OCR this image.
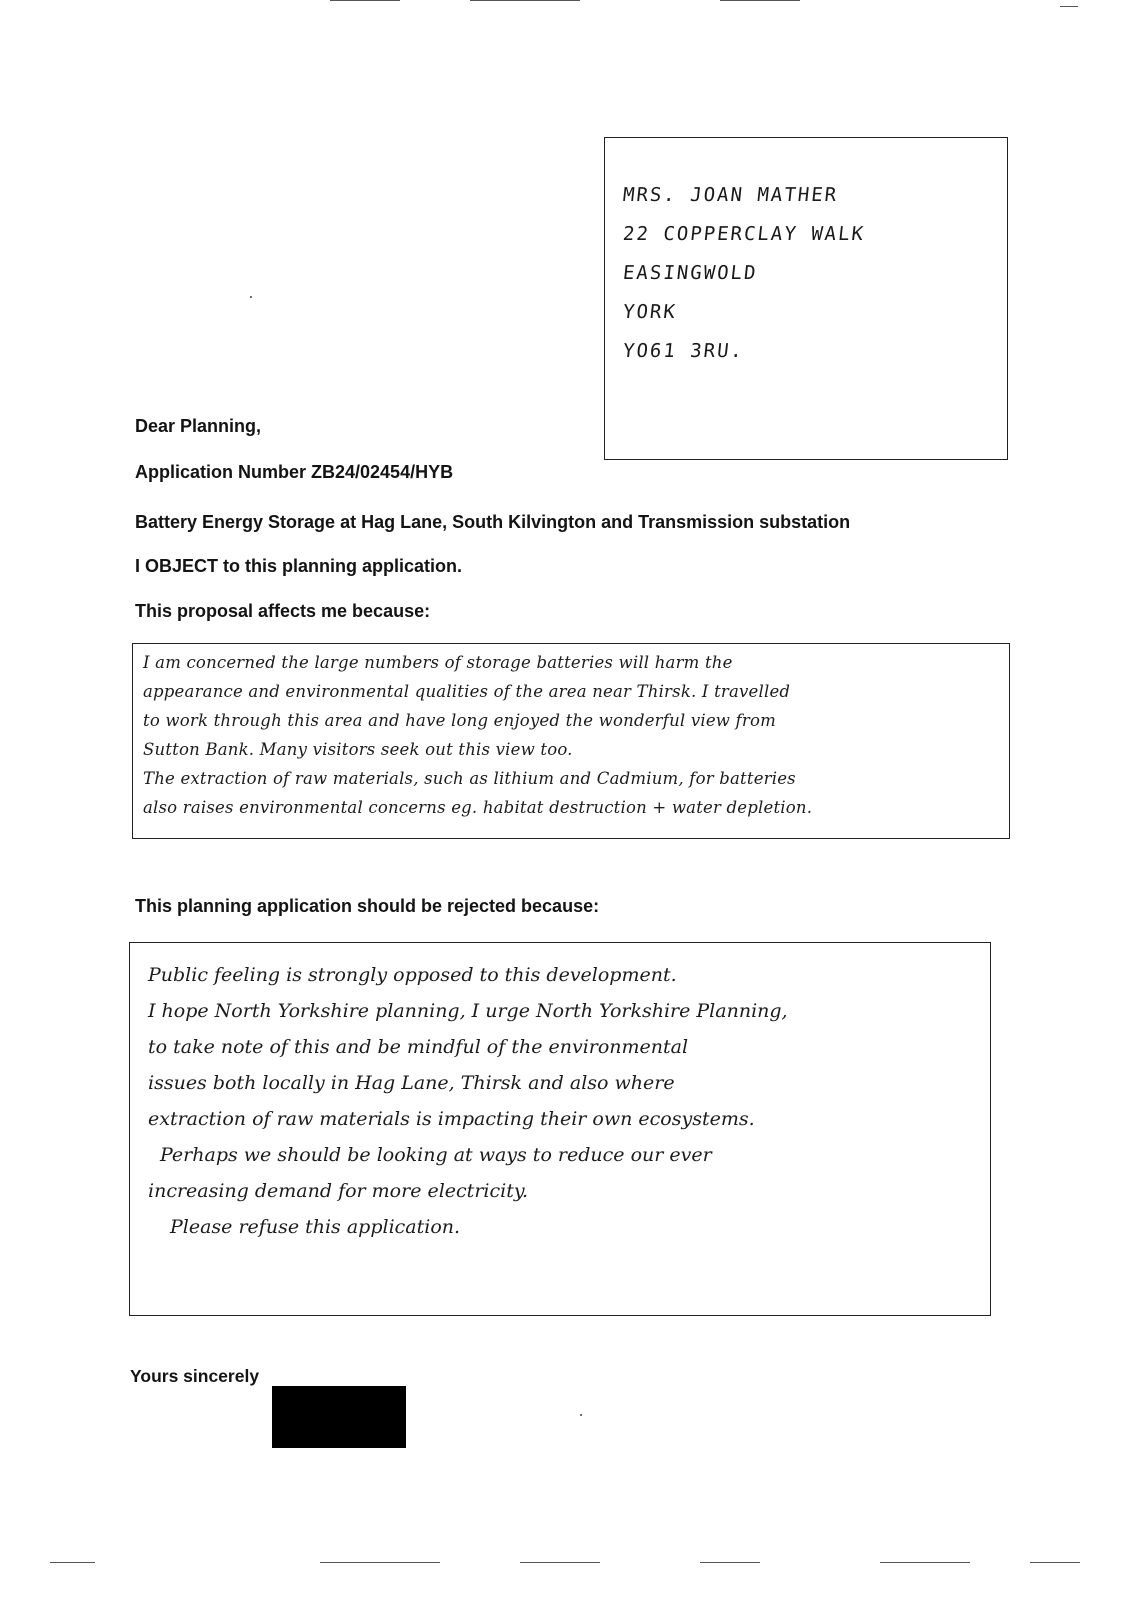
MRS. JOAN MATHER
22 COPPERCLAY WALK
EASINGWOLD
YORK
YO61 3RU.
Dear Planning,
Application Number ZB24/02454/HYB
Battery Energy Storage at Hag Lane, South Kilvington and Transmission substation
I OBJECT to this planning application.
This proposal affects me because:
I am concerned the large numbers of storage batteries will harm the
appearance and environmental qualities of the area near Thirsk. I travelled
to work through this area and have long enjoyed the wonderful view from
Sutton Bank. Many visitors seek out this view too.
The extraction of raw materials, such as lithium and Cadmium, for batteries
also raises environmental concerns eg. habitat destruction + water depletion.
This planning application should be rejected because:
Public feeling is strongly opposed to this development.
I hope North Yorkshire planning, I urge North Yorkshire Planning,
to take note of this and be mindful of the environmental
issues both locally in Hag Lane, Thirsk and also where
extraction of raw materials is impacting their own ecosystems.
Perhaps we should be looking at ways to reduce our ever
increasing demand for more electricity.
Please refuse this application.
Yours sincerely
